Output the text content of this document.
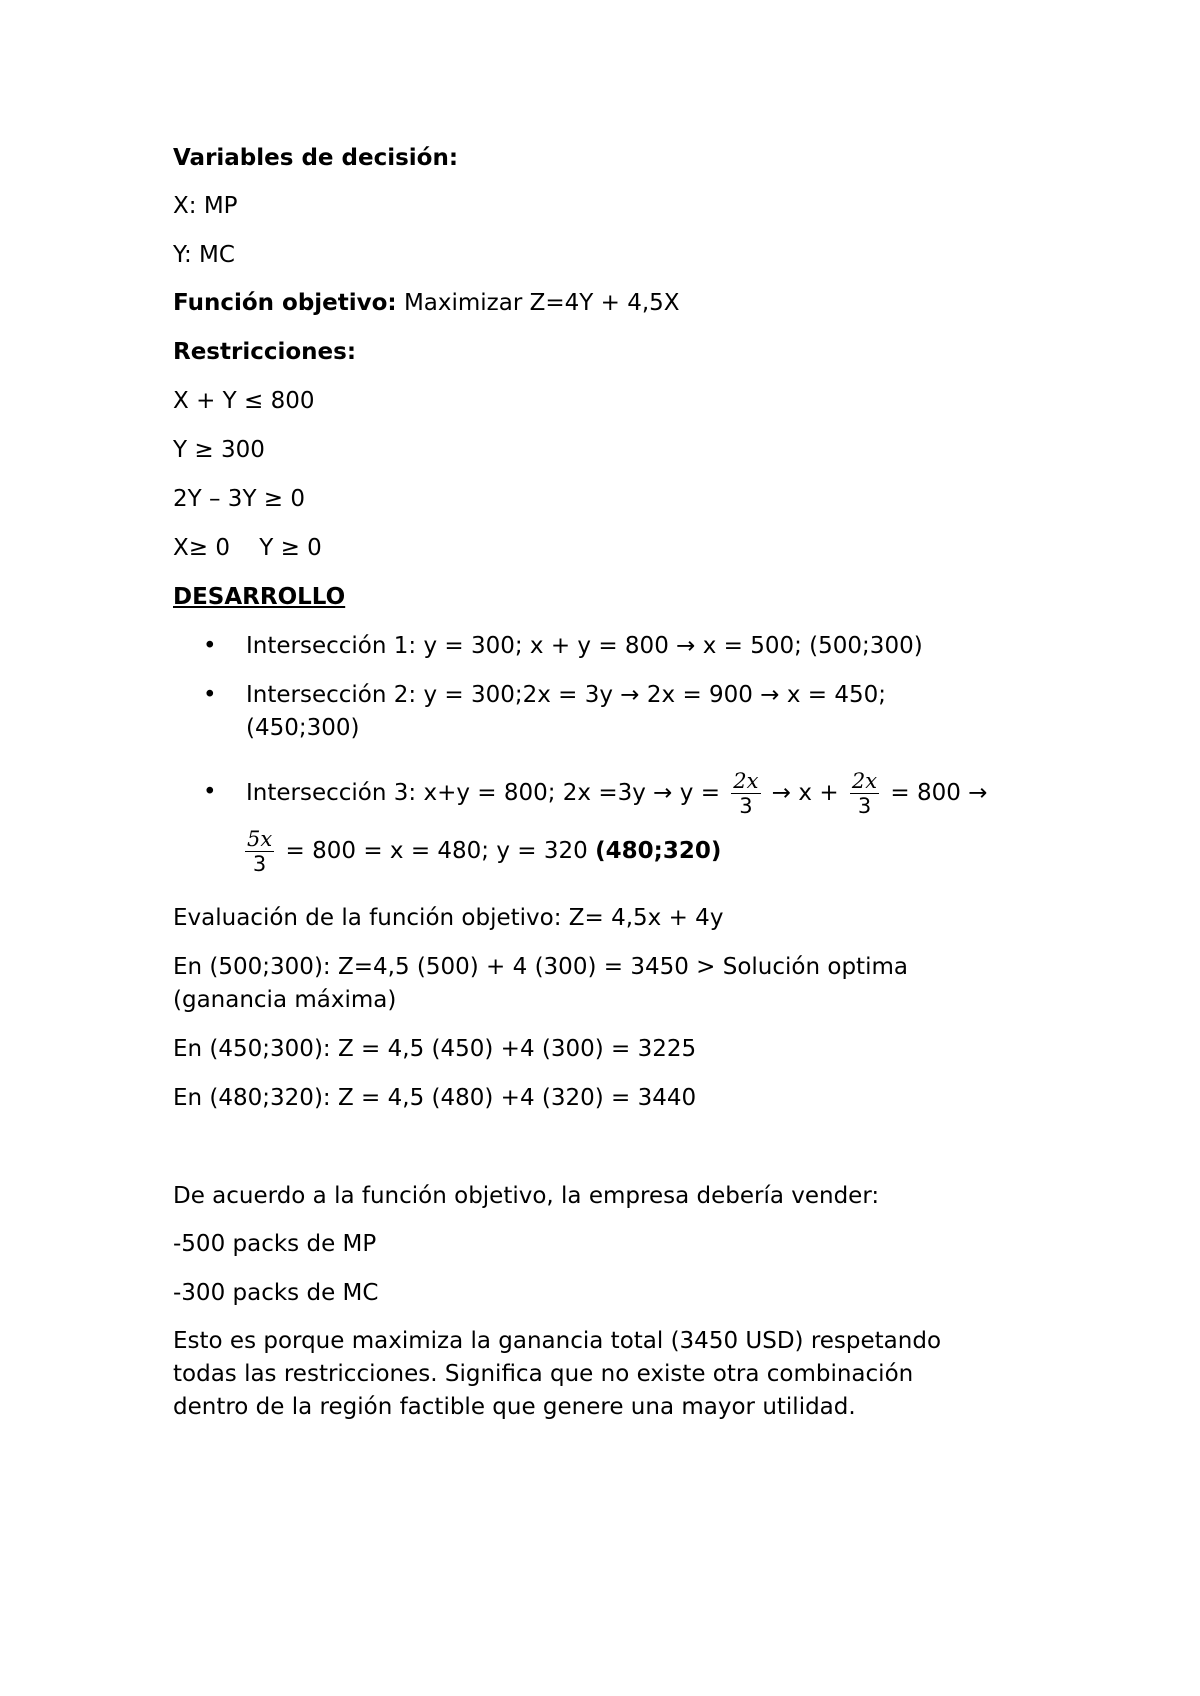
Variables de decisión:
X: MP
Y: MC
Función objetivo: Maximizar Z=4Y + 4,5X
Restricciones:
X + Y ≤ 800
Y ≥ 300
2Y – 3Y ≥ 0
X≥ 0    Y ≥ 0
DESARROLLO
• Intersección 1: y = 300; x + y = 800 → x = 500; (500;300)
• Intersección 2: y = 300;2x = 3y → 2x = 900 → x = 450;
(450;300)
• Intersección 3: x+y = 800; $2x =3y \to y = \frac{2x}{3} \to x + \frac{2x}{3} = 800$ →
$\frac{5x}{3} = 800 = x = 480$; y = 320 (480;320)
Evaluación de la función objetivo: Z= 4,5x + 4y
En (500;300): Z=4,5 (500) + 4 (300) = 3450 > Solución optima
(ganancia máxima)
En (450;300): Z = 4,5 (450) +4 (300) = 3225
En (480;320): Z = 4,5 (480) +4 (320) = 3440
De acuerdo a la función objetivo, la empresa debería vender:
-500 packs de MP
-300 packs de MC
Esto es porque maximiza la ganancia total (3450 USD) respetando
todas las restricciones. Significa que no existe otra combinación
dentro de la región factible que genere una mayor utilidad.
